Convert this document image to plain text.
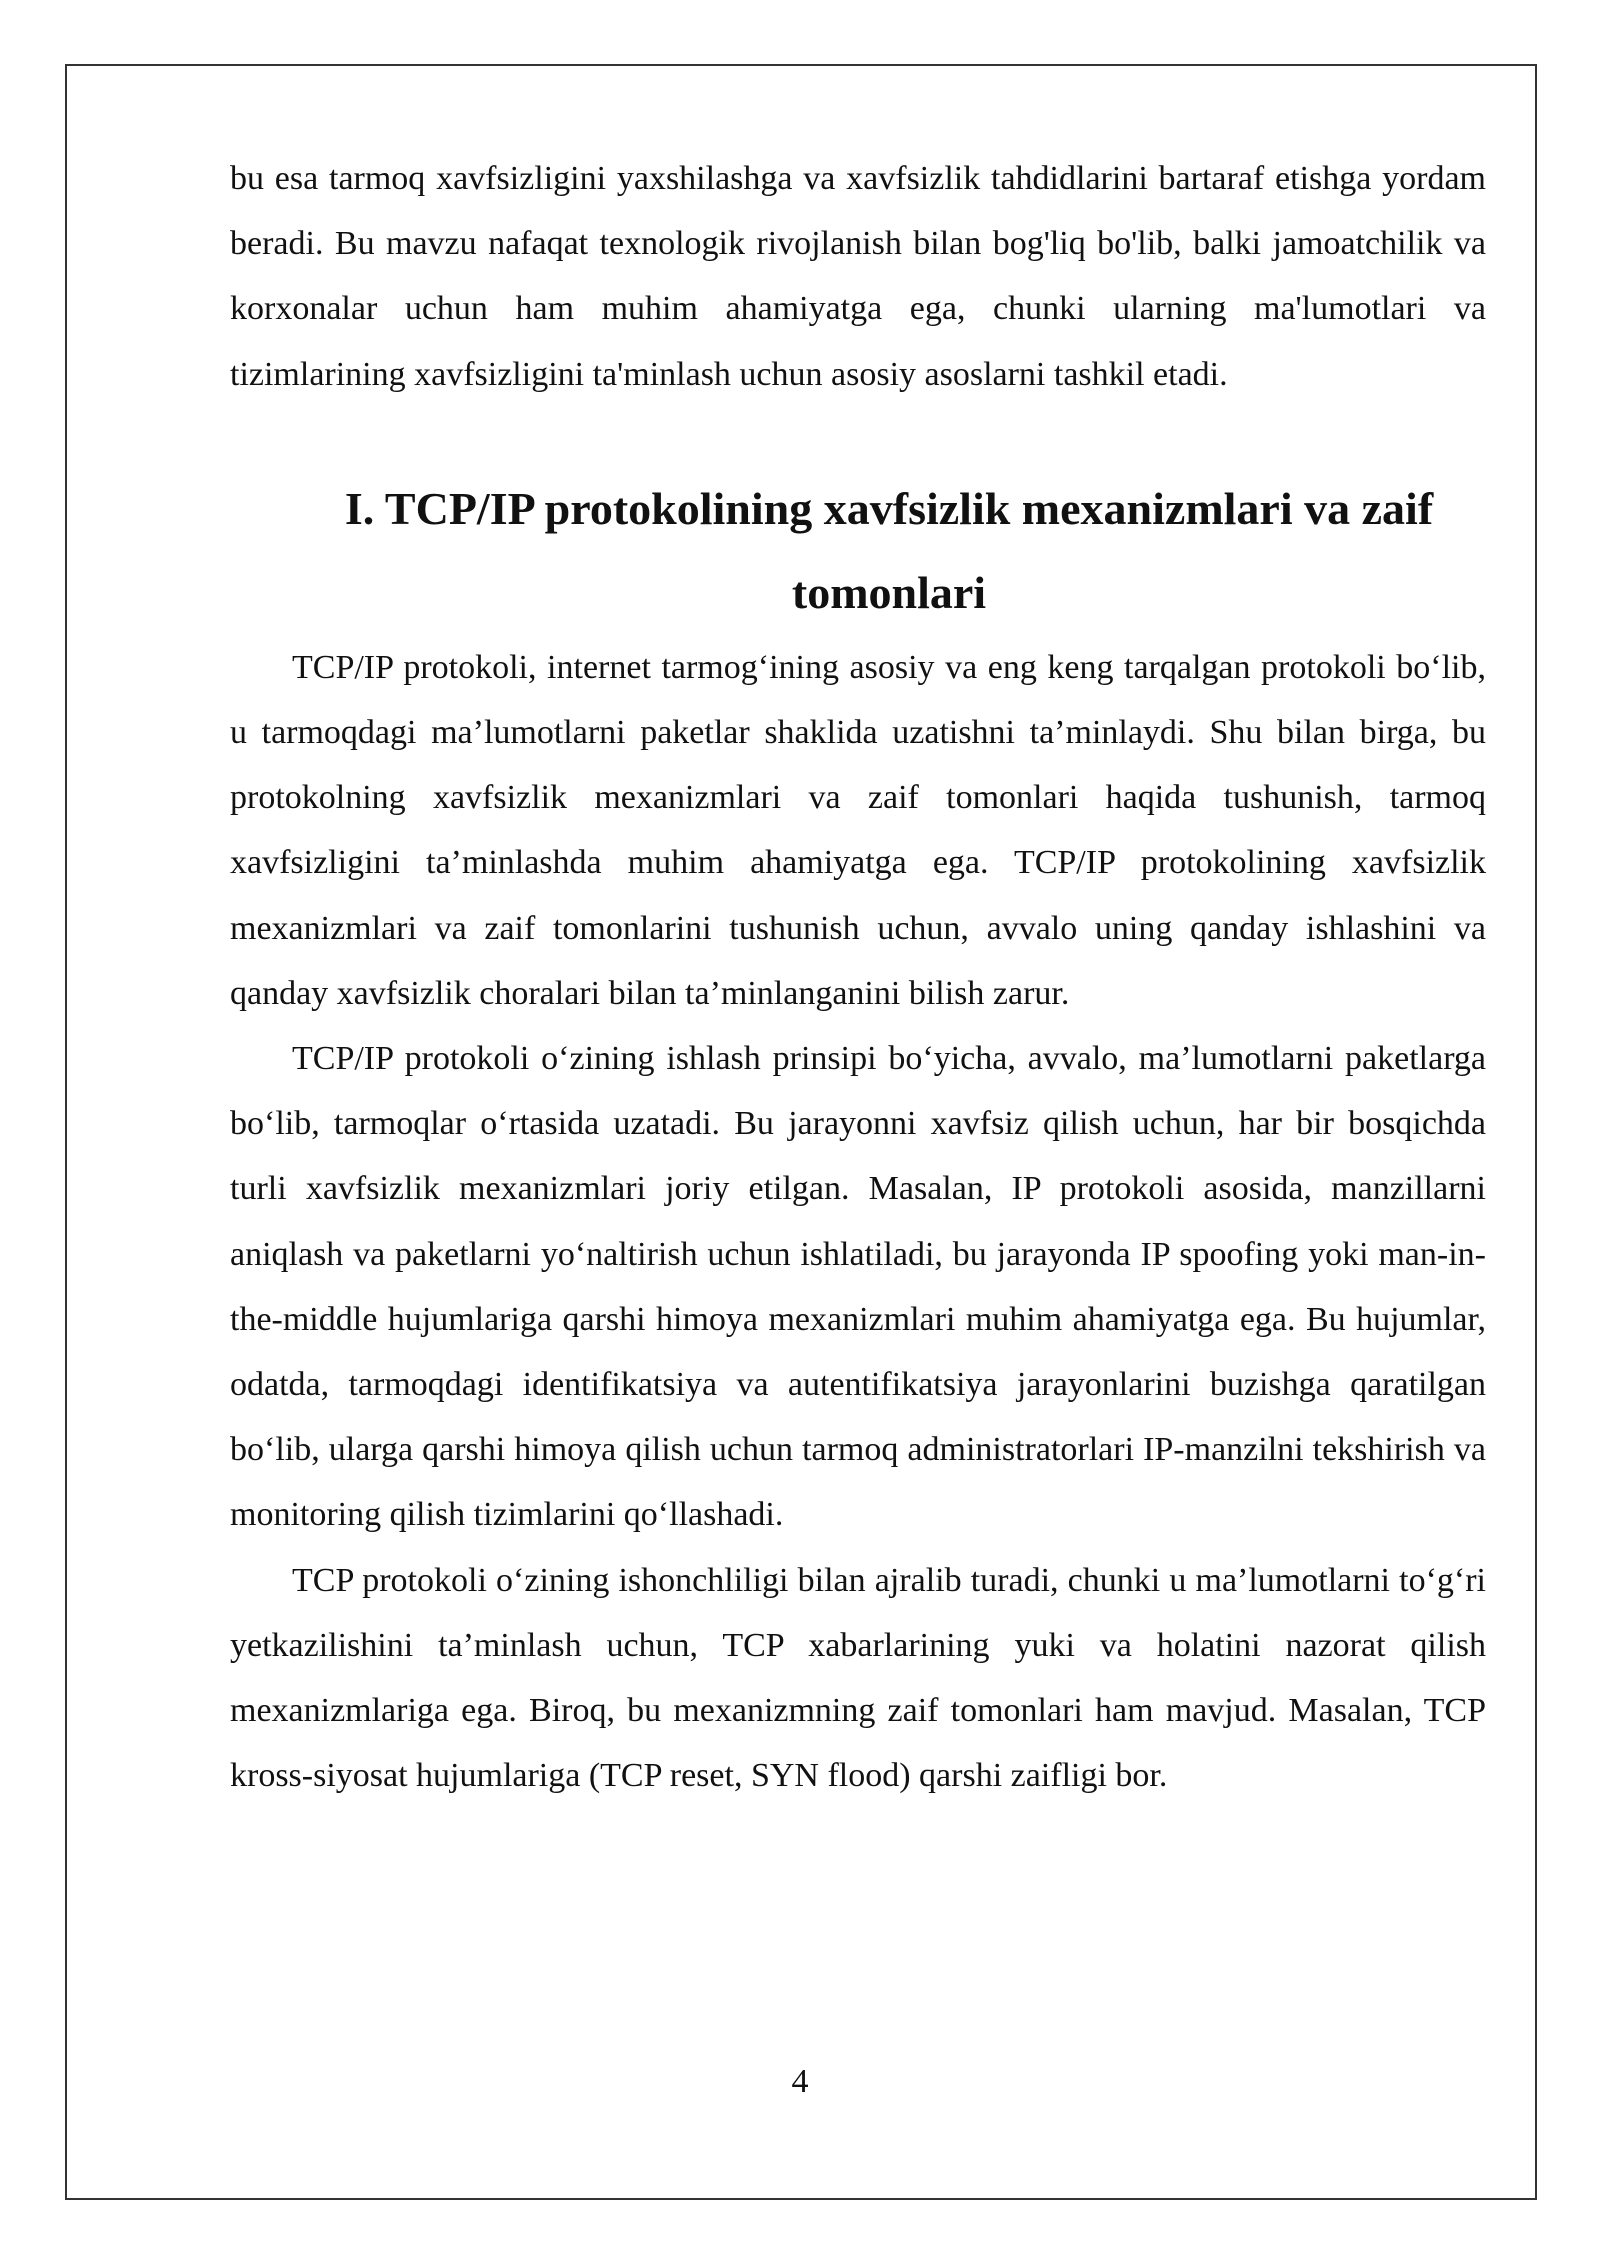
bu esa tarmoq xavfsizligini yaxshilashga va xavfsizlik tahdidlarini bartaraf etishga yordam beradi. Bu mavzu nafaqat texnologik rivojlanish bilan bog'liq bo'lib, balki jamoatchilik va korxonalar uchun ham muhim ahamiyatga ega, chunki ularning ma'lumotlari va tizimlarining xavfsizligini ta'minlash uchun asosiy asoslarni tashkil etadi.

I. TCP/IP protokolining xavfsizlik mexanizmlari va zaif tomonlari

TCP/IP protokoli, internet tarmog‘ining asosiy va eng keng tarqalgan protokoli bo‘lib, u tarmoqdagi ma’lumotlarni paketlar shaklida uzatishni ta’minlaydi. Shu bilan birga, bu protokolning xavfsizlik mexanizmlari va zaif tomonlari haqida tushunish, tarmoq xavfsizligini ta’minlashda muhim ahamiyatga ega. TCP/IP protokolining xavfsizlik mexanizmlari va zaif tomonlarini tushunish uchun, avvalo uning qanday ishlashini va qanday xavfsizlik choralari bilan ta’minlanganini bilish zarur.

TCP/IP protokoli o‘zining ishlash prinsipi bo‘yicha, avvalo, ma’lumotlarni paketlarga bo‘lib, tarmoqlar o‘rtasida uzatadi. Bu jarayonni xavfsiz qilish uchun, har bir bosqichda turli xavfsizlik mexanizmlari joriy etilgan. Masalan, IP protokoli asosida, manzillarni aniqlash va paketlarni yo‘naltirish uchun ishlatiladi, bu jarayonda IP spoofing yoki man-in-the-middle hujumlariga qarshi himoya mexanizmlari muhim ahamiyatga ega. Bu hujumlar, odatda, tarmoqdagi identifikatsiya va autentifikatsiya jarayonlarini buzishga qaratilgan bo‘lib, ularga qarshi himoya qilish uchun tarmoq administratorlari IP-manzilni tekshirish va monitoring qilish tizimlarini qo‘llashadi.

TCP protokoli o‘zining ishonchliligi bilan ajralib turadi, chunki u ma’lumotlarni to‘g‘ri yetkazilishini ta’minlash uchun, TCP xabarlarining yuki va holatini nazorat qilish mexanizmlariga ega. Biroq, bu mexanizmning zaif tomonlari ham mavjud. Masalan, TCP kross-siyosat hujumlariga (TCP reset, SYN flood) qarshi zaifligi bor.

4
